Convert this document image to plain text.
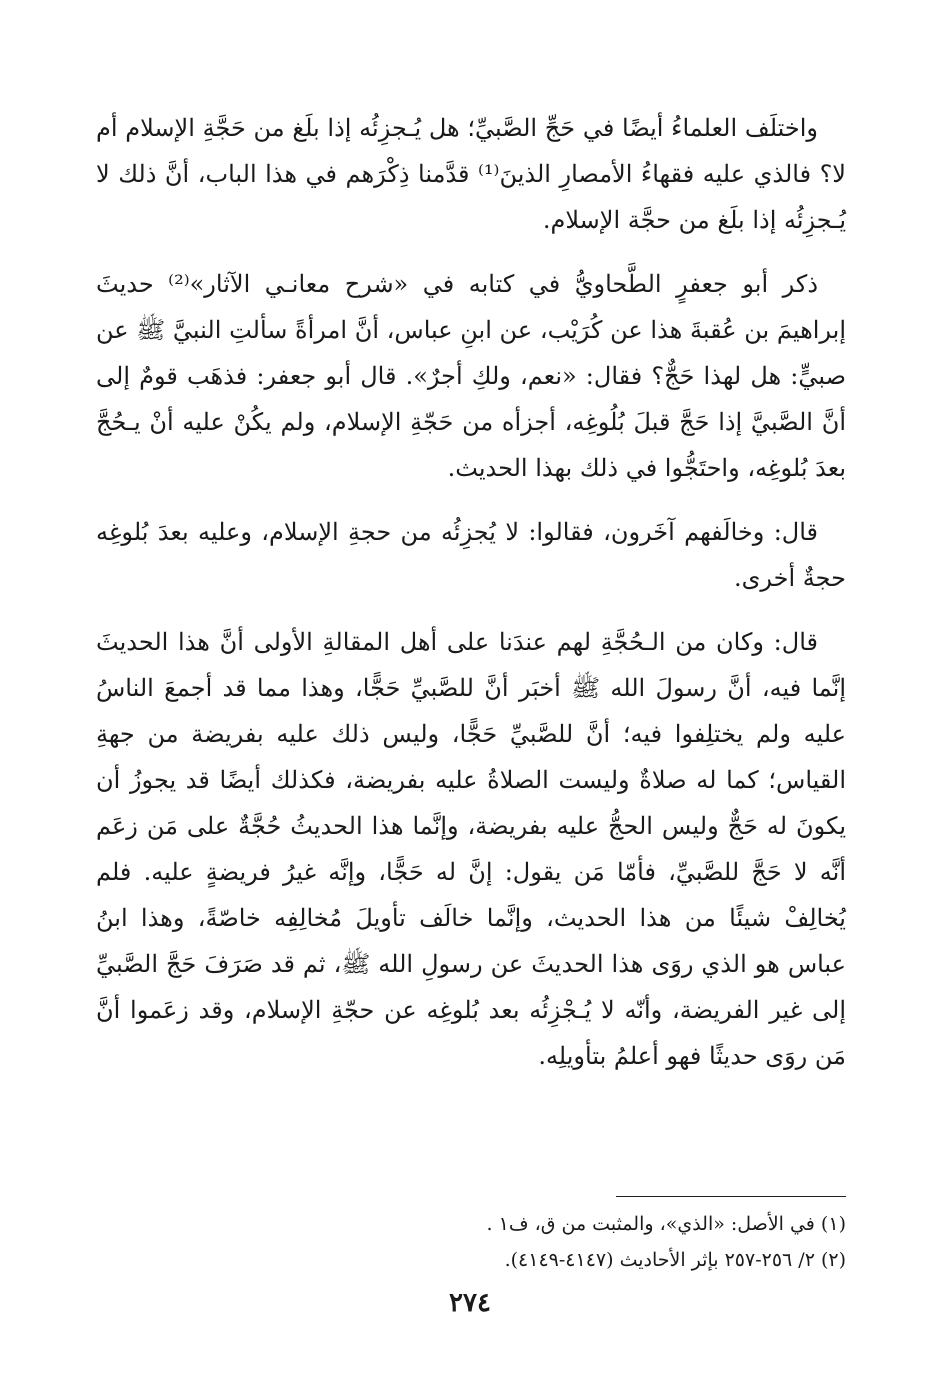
واختلَف العلماءُ أيضًا في حَجِّ الصَّبيِّ؛ هل يُـجزِئُه إذا بلَغ من حَجَّةِ الإسلام أم لا؟ فالذي عليه فقهاءُ الأمصارِ الذينَ⁽¹⁾ قدَّمنا ذِكْرَهم في هذا الباب، أنَّ ذلك لا يُـجزِئُه إذا بلَغ من حجَّة الإسلام.

ذكر أبو جعفرٍ الطَّحاويُّ في كتابه في «شرح معانـي الآثار»⁽²⁾ حديثَ إبراهيمَ بن عُقبةَ هذا عن كُرَيْب، عن ابنِ عباس، أنَّ امرأةً سألتِ النبيَّ ﷺ عن صبيٍّ: هل لهذا حَجٌّ؟ فقال: «نعم، ولكِ أجرٌ». قال أبو جعفر: فذهَب قومٌ إلى أنَّ الصَّبيَّ إذا حَجَّ قبلَ بُلُوغِه، أجزأه من حَجّةِ الإسلام، ولم يكُنْ عليه أنْ يـحُجَّ بعدَ بُلوغِه، واحتَجُّوا في ذلك بهذا الحديث.

قال: وخالَفهم آخَرون، فقالوا: لا يُجزِئُه من حجةِ الإسلام، وعليه بعدَ بُلوغِه حجةٌ أخرى.

قال: وكان من الـحُجَّةِ لهم عندَنا على أهل المقالةِ الأولى أنَّ هذا الحديثَ إنَّما فيه، أنَّ رسولَ الله ﷺ أخبَر أنَّ للصَّبيِّ حَجًّا، وهذا مما قد أجمعَ الناسُ عليه ولم يختلِفوا فيه؛ أنَّ للصَّبيِّ حَجًّا، وليس ذلك عليه بفريضة من جهةِ القياس؛ كما له صلاةٌ وليست الصلاةُ عليه بفريضة، فكذلك أيضًا قد يجوزُ أن يكونَ له حَجٌّ وليس الحجُّ عليه بفريضة، وإنَّما هذا الحديثُ حُجَّةٌ على مَن زعَم أنَّه لا حَجَّ للصَّبيِّ، فأمّا مَن يقول: إنَّ له حَجًّا، وإنَّه غيرُ فريضةٍ عليه. فلم يُخالِفْ شيئًا من هذا الحديث، وإنَّما خالَف تأويلَ مُخالِفِه خاصّةً، وهذا ابنُ عباس هو الذي روَى هذا الحديثَ عن رسولِ الله ﷺ، ثم قد صَرَفَ حَجَّ الصَّبيِّ إلى غير الفريضة، وأنّه لا يُـجْزِئُه بعد بُلوغِه عن حجّةِ الإسلام، وقد زعَموا أنَّ مَن روَى حديثًا فهو أعلمُ بتأويلِه.

(١) في الأصل: «الذي»، والمثبت من ق، ف١ .

(٢) ٢/ ٢٥٦-٢٥٧ بإثر الأحاديث (٤١٤٧-٤١٤٩).

٢٧٤
